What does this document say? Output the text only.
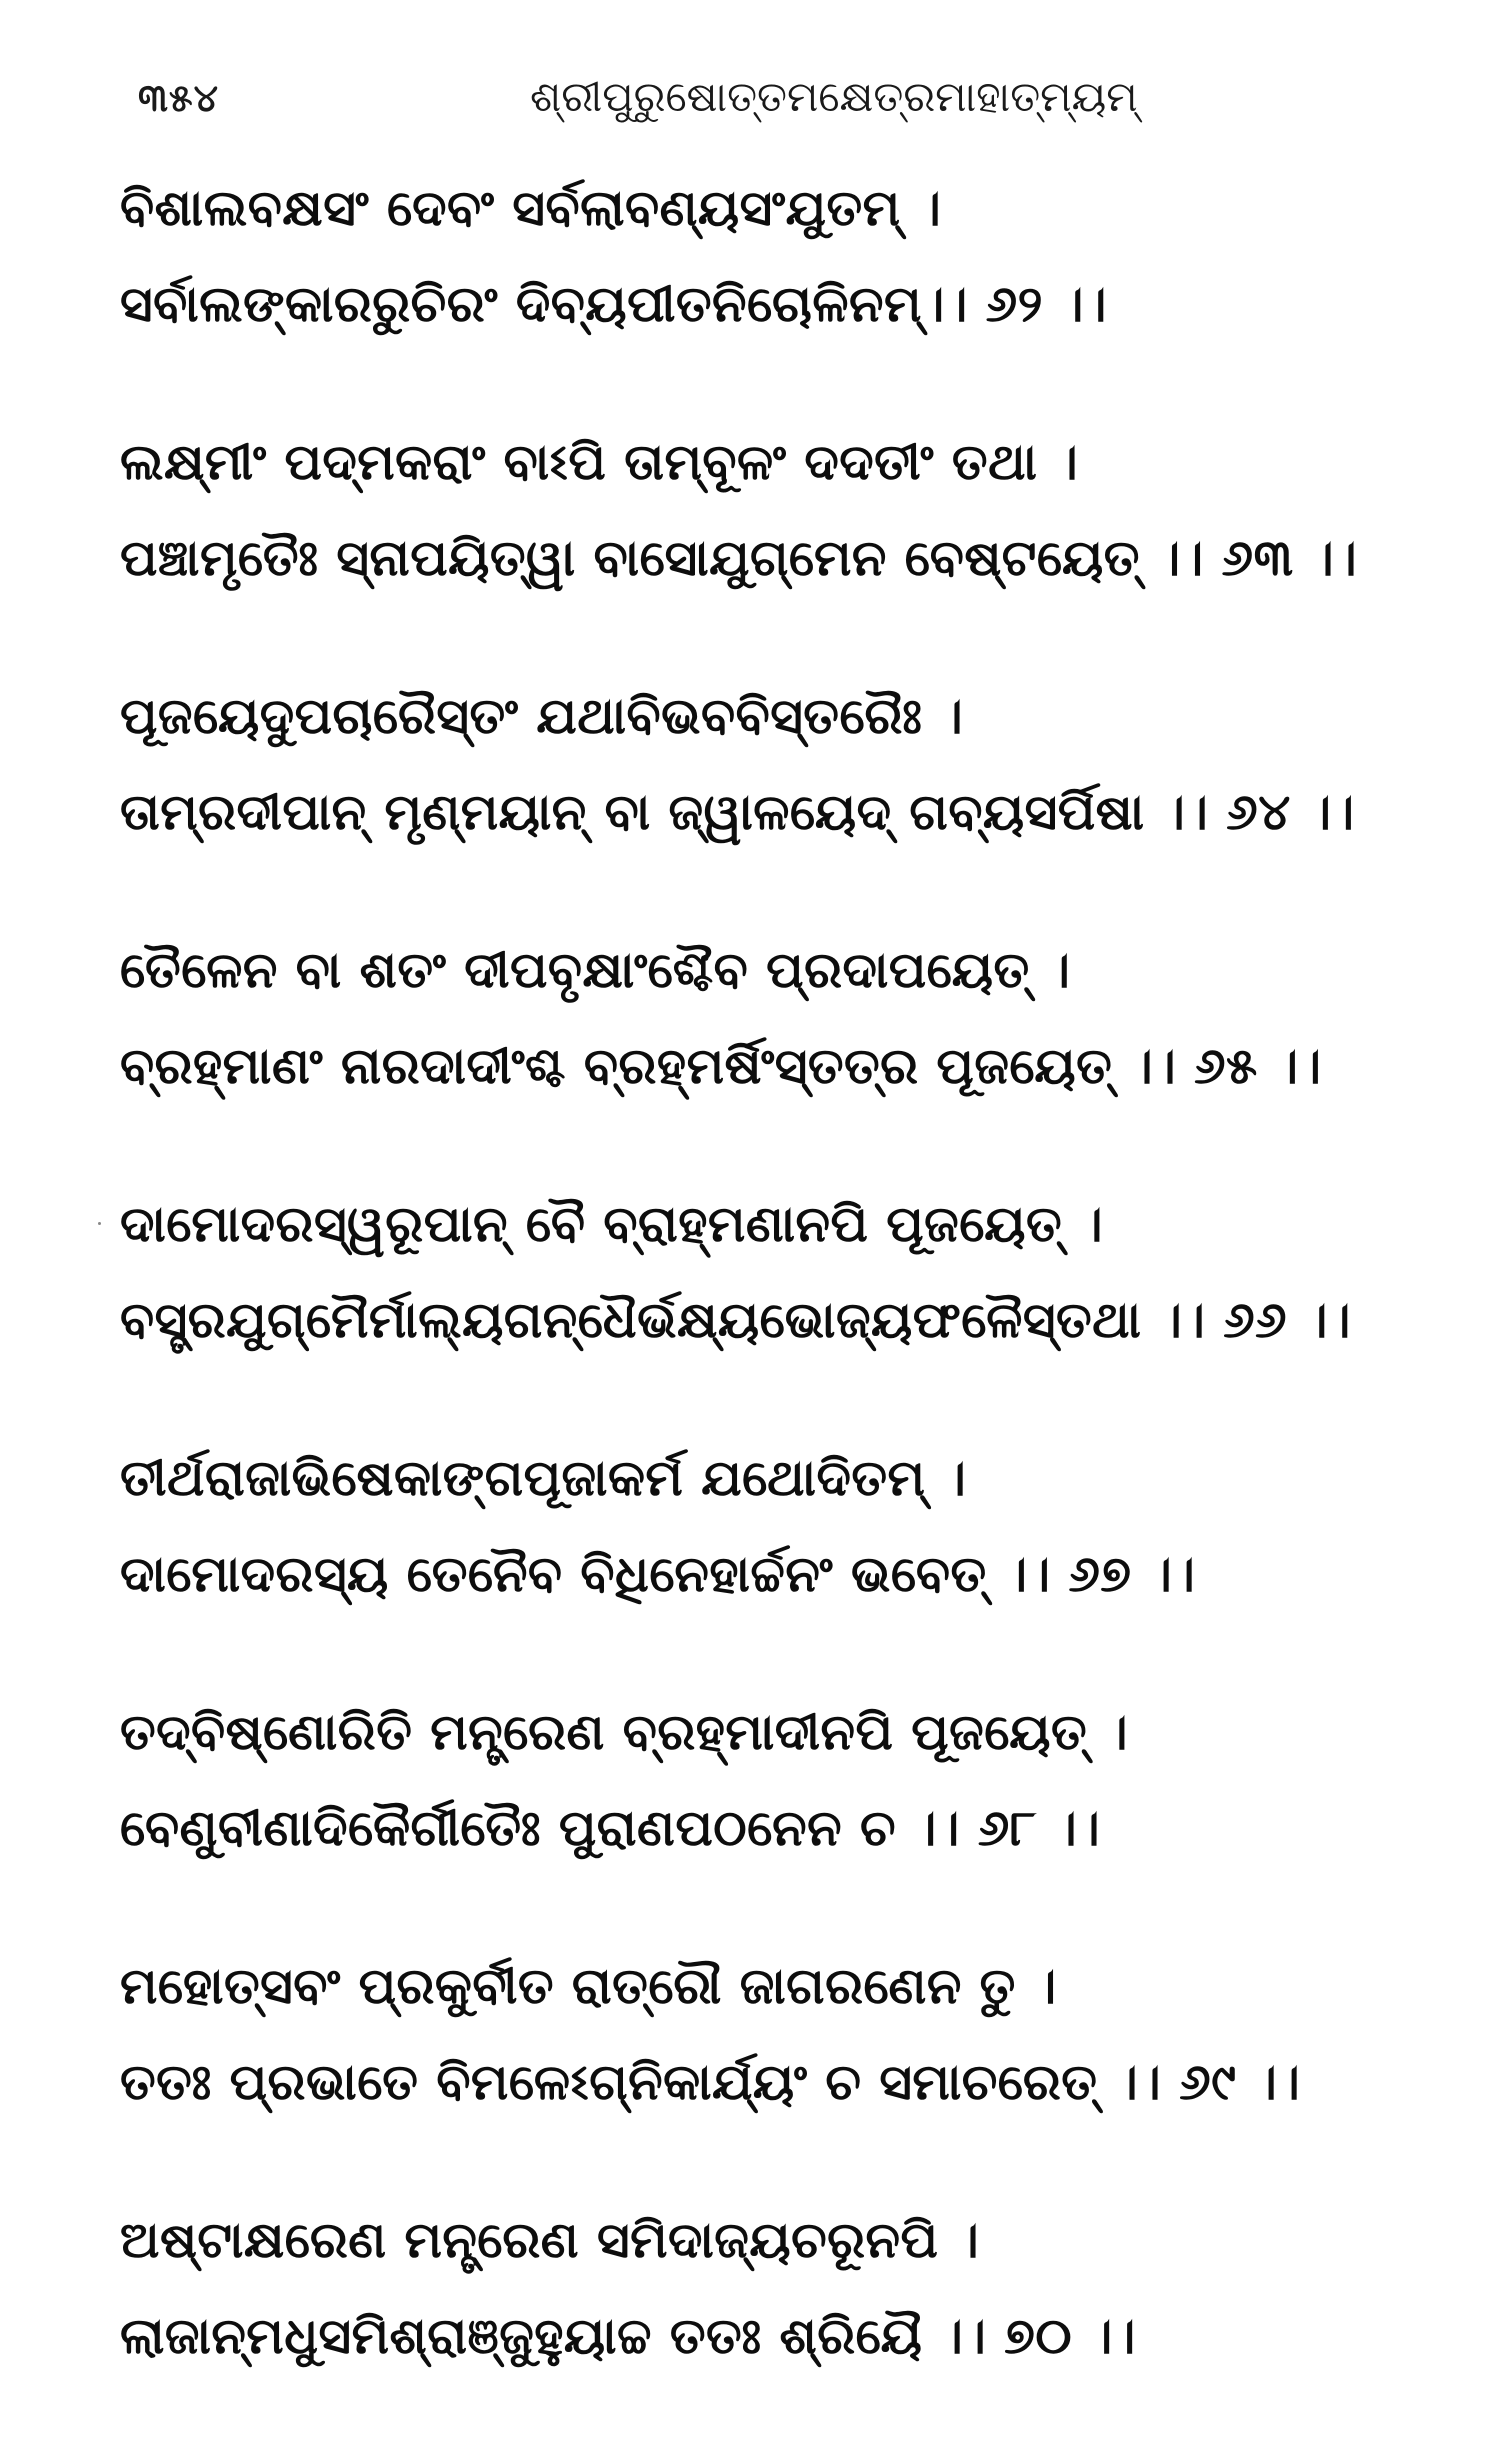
୩୫୪	ଶ୍ରୀପୁରୁଷୋତ୍ତମକ୍ଷେତ୍ରମାହାତ୍ମ୍ୟମ୍
ବିଶାଲବକ୍ଷସଂ ଦେବଂ ସର୍ବଲାବଣ୍ୟସଂଯୁତମ୍ ।
ସର୍ବାଲଙ୍କାରରୁଚିରଂ ଦିବ୍ୟପୀତନିଚୋଳିନମ୍।। ୬୨ ।।
ଲକ୍ଷ୍ମୀଂ ପଦ୍ମକରାଂ ବାଽପି ତାମ୍ବୂଳଂ ଦଦତୀଂ ତଥା ।
ପଞ୍ଚାମୃତୈଃ ସ୍ନାପୟିତ୍ୱା ବାସୋଯୁଗ୍ମେନ ବେଷ୍ଟୟେତ୍ ।। ୬୩ ।।
ପୂଜୟେଦୁପଚାରୈସ୍ତଂ ଯଥାବିଭବବିସ୍ତରୈଃ ।
ତାମ୍ରଦୀପାନ୍ ମୃଣ୍ମୟାନ୍ ବା ଜ୍ୱାଳୟେଦ୍ ଗବ୍ୟସର୍ପିଷା ।। ୬୪ ।।
ତୈଳେନ ବା ଶତଂ ଦୀପବୃକ୍ଷାଂଶ୍ଚୈବ ପ୍ରଦାପୟେତ୍ ।
ବ୍ରହ୍ମାଣଂ ନାରଦାଦୀଂଶ୍ଚ ବ୍ରହ୍ମର୍ଷିଂସ୍ତତ୍ର ପୂଜୟେତ୍ ।। ୬୫ ।।
ଦାମୋଦରସ୍ୱରୂପାନ୍ ବୈ ବ୍ରାହ୍ମଣାନପି ପୂଜୟେତ୍ ।
ବସ୍ତ୍ରଯୁଗ୍ମୈର୍ମାଲ୍ୟଗନ୍ଧୈର୍ଭକ୍ଷ୍ୟଭୋଜ୍ୟଫଳୈସ୍ତଥା ।। ୬୬ ।।
ତୀର୍ଥରାଜାଭିଷେକାଙ୍ଗପୂଜାକର୍ମ ଯଥୋଦିତମ୍ ।
ଦାମୋଦରସ୍ୟ ତେନୈବ ବିଧିନେହାର୍ଚ୍ଚନଂ ଭବେତ୍ ।। ୬୭ ।।
ତଦ୍‌ବିଷ୍ଣୋରିତି ମନ୍ତ୍ରେଣ ବ୍ରହ୍ମାଦୀନପି ପୂଜୟେତ୍ ।
ବେଣୁବୀଣାଦିକୈର୍ଗୀତୈଃ ପୁରାଣପଠନେନ ଚ ।। ୬୮ ।।
ମହୋତ୍ସବଂ ପ୍ରକୁର୍ବୀତ ରାତ୍ରୌ ଜାଗରଣେନ ତୁ ।
ତତଃ ପ୍ରଭାତେ ବିମଳେଽଗ୍ନିକାର୍ଯ୍ୟଂ ଚ ସମାଚରେତ୍ ।। ୬୯ ।।
ଅଷ୍ଟାକ୍ଷରେଣ ମନ୍ତ୍ରେଣ ସମିଦାଜ୍ୟଚରୂନପି ।
ଲାଜାନ୍ମଧୁସମିଶ୍ରାଞ୍ଜୁହୁୟାଚ୍ଚ ତତଃ ଶ୍ରିୟୈ ।। ୭୦ ।।
